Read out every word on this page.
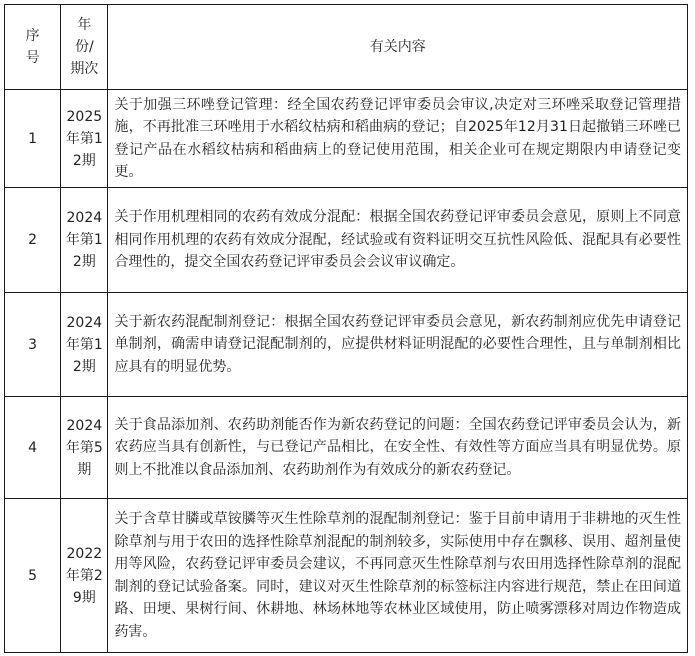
序号	年份/期次	有关内容

1	2025年第12期	关于加强三环唑登记管理：经全国农药登记评审委员会审议,决定对三环唑采取登记管理措施，不再批准三环唑用于水稻纹枯病和稻曲病的登记；自2025年12月31日起撤销三环唑已登记产品在水稻纹枯病和稻曲病上的登记使用范围，相关企业可在规定期限内申请登记变更。

2	2024年第12期	关于作用机理相同的农药有效成分混配：根据全国农药登记评审委员会意见，原则上不同意相同作用机理的农药有效成分混配，经试验或有资料证明交互抗性风险低、混配具有必要性合理性的，提交全国农药登记评审委员会会议审议确定。

3	2024年第12期	关于新农药混配制剂登记：根据全国农药登记评审委员会意见，新农药制剂应优先申请登记单制剂，确需申请登记混配制剂的，应提供材料证明混配的必要性合理性，且与单制剂相比应具有的明显优势。

4	2024年第5期	关于食品添加剂、农药助剂能否作为新农药登记的问题：全国农药登记评审委员会认为，新农药应当具有创新性，与已登记产品相比，在安全性、有效性等方面应当具有明显优势。原则上不批准以食品添加剂、农药助剂作为有效成分的新农药登记。

5	2022年第29期	关于含草甘膦或草铵膦等灭生性除草剂的混配制剂登记：鉴于目前申请用于非耕地的灭生性除草剂与用于农田的选择性除草剂混配的制剂较多，实际使用中存在飘移、误用、超剂量使用等风险，农药登记评审委员会建议，不再同意灭生性除草剂与农田用选择性除草剂的混配制剂的登记试验备案。同时，建议对灭生性除草剂的标签标注内容进行规范，禁止在田间道路、田埂、果树行间、休耕地、林场林地等农林业区域使用，防止喷雾漂移对周边作物造成药害。
